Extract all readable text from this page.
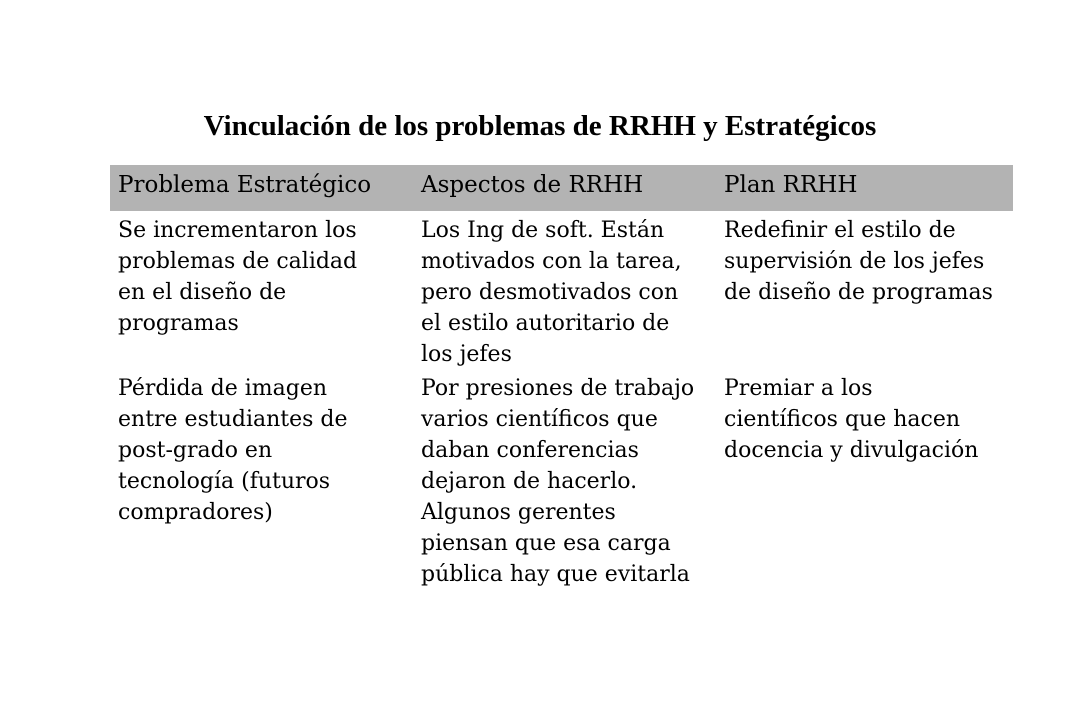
Vinculación de los problemas de RRHH y Estratégicos
Problema Estratégico	Aspectos de RRHH	Plan RRHH
Se incrementaron los
problemas de calidad
en el diseño de
programas
Los Ing de soft. Están
motivados con la tarea,
pero desmotivados con
el estilo autoritario de
los jefes
Redefinir el estilo de
supervisión de los jefes
de diseño de programas
Pérdida de imagen
entre estudiantes de
post-grado en
tecnología (futuros
compradores)
Por presiones de trabajo
varios científicos que
daban conferencias
dejaron de hacerlo.
Algunos gerentes
piensan que esa carga
pública hay que evitarla
Premiar a los
científicos que hacen
docencia y divulgación
